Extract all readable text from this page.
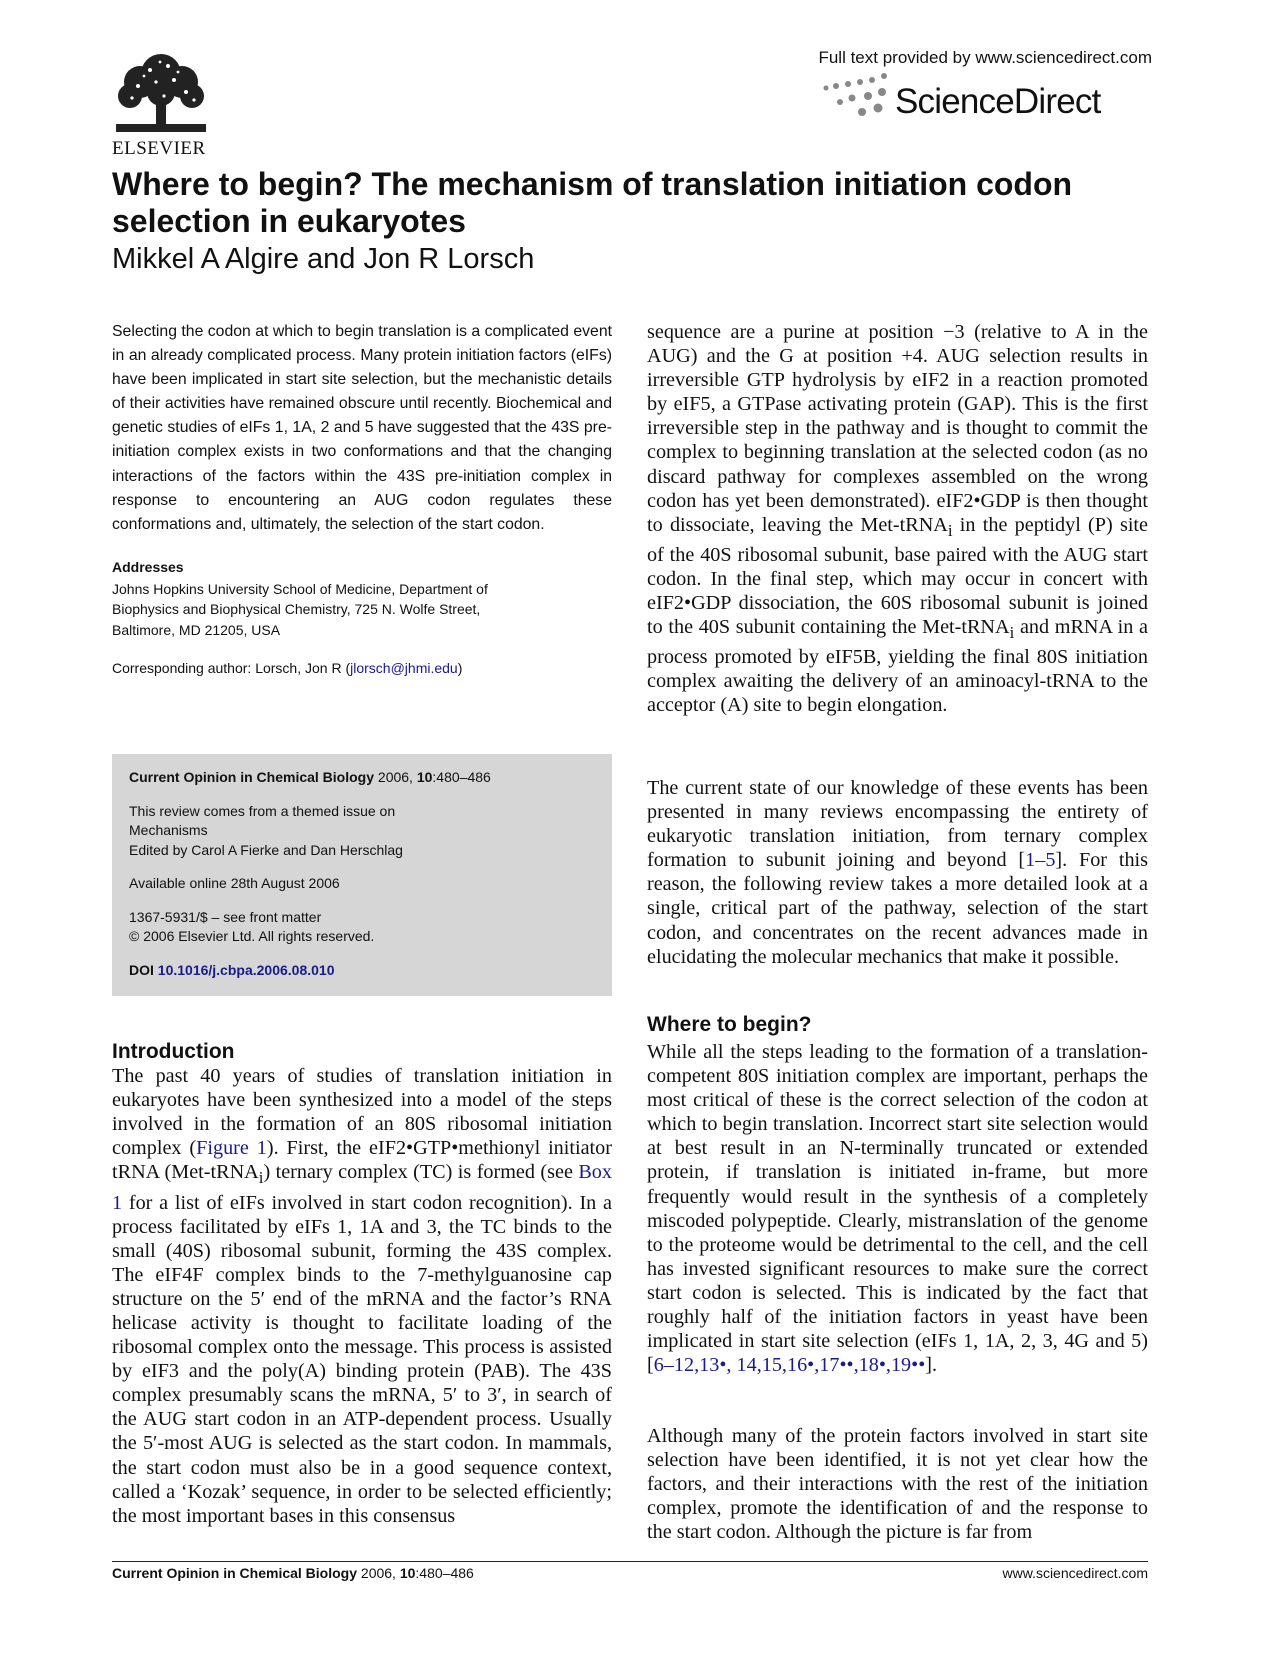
ELSEVIER
Full text provided by www.sciencedirect.com
ScienceDirect
Where to begin? The mechanism of translation initiation codon selection in eukaryotes
Mikkel A Algire and Jon R Lorsch

Selecting the codon at which to begin translation is a complicated event in an already complicated process. Many protein initiation factors (eIFs) have been implicated in start site selection, but the mechanistic details of their activities have remained obscure until recently. Biochemical and genetic studies of eIFs 1, 1A, 2 and 5 have suggested that the 43S pre-initiation complex exists in two conformations and that the changing interactions of the factors within the 43S pre-initiation complex in response to encountering an AUG codon regulates these conformations and, ultimately, the selection of the start codon.

Addresses

Johns Hopkins University School of Medicine, Department of

Biophysics and Biophysical Chemistry, 725 N. Wolfe Street,

Baltimore, MD 21205, USA

Corresponding author: Lorsch, Jon R (jlorsch@jhmi.edu)

Current Opinion in Chemical Biology 2006, 10:480–486

This review comes from a themed issue on
Mechanisms
Edited by Carol A Fierke and Dan Herschlag

Available online 28th August 2006

1367-5931/$ – see front matter
© 2006 Elsevier Ltd. All rights reserved.

DOI 10.1016/j.cbpa.2006.08.010

Introduction

The past 40 years of studies of translation initiation in eukaryotes have been synthesized into a model of the steps involved in the formation of an 80S ribosomal initiation complex (Figure 1). First, the eIF2•GTP•methionyl initiator tRNA (Met-tRNA$_i$) ternary complex (TC) is formed (see Box 1 for a list of eIFs involved in start codon recognition). In a process facilitated by eIFs 1, 1A and 3, the TC binds to the small (40S) ribosomal subunit, forming the 43S complex. The eIF4F complex binds to the 7-methylguanosine cap structure on the 5′ end of the mRNA and the factor’s RNA helicase activity is thought to facilitate loading of the ribosomal complex onto the message. This process is assisted by eIF3 and the poly(A) binding protein (PAB). The 43S complex presumably scans the mRNA, 5′ to 3′, in search of the AUG start codon in an ATP-dependent process. Usually the 5′-most AUG is selected as the start codon. In mammals, the start codon must also be in a good sequence context, called a ‘Kozak’ sequence, in order to be selected efficiently; the most important bases in this consensus

sequence are a purine at position −3 (relative to A in the AUG) and the G at position +4. AUG selection results in irreversible GTP hydrolysis by eIF2 in a reaction promoted by eIF5, a GTPase activating protein (GAP). This is the first irreversible step in the pathway and is thought to commit the complex to beginning translation at the selected codon (as no discard pathway for complexes assembled on the wrong codon has yet been demonstrated). eIF2•GDP is then thought to dissociate, leaving the Met-tRNA$_i$ in the peptidyl (P) site of the 40S ribosomal subunit, base paired with the AUG start codon. In the final step, which may occur in concert with eIF2•GDP dissociation, the 60S ribosomal subunit is joined to the 40S subunit containing the Met-tRNA$_i$ and mRNA in a process promoted by eIF5B, yielding the final 80S initiation complex awaiting the delivery of an aminoacyl-tRNA to the acceptor (A) site to begin elongation.

The current state of our knowledge of these events has been presented in many reviews encompassing the entirety of eukaryotic translation initiation, from ternary complex formation to subunit joining and beyond [1–5]. For this reason, the following review takes a more detailed look at a single, critical part of the pathway, selection of the start codon, and concentrates on the recent advances made in elucidating the molecular mechanics that make it possible.

Where to begin?

While all the steps leading to the formation of a translation-competent 80S initiation complex are important, perhaps the most critical of these is the correct selection of the codon at which to begin translation. Incorrect start site selection would at best result in an N-terminally truncated or extended protein, if translation is initiated in-frame, but more frequently would result in the synthesis of a completely miscoded polypeptide. Clearly, mistranslation of the genome to the proteome would be detrimental to the cell, and the cell has invested significant resources to make sure the correct start codon is selected. This is indicated by the fact that roughly half of the initiation factors in yeast have been implicated in start site selection (eIFs 1, 1A, 2, 3, 4G and 5) [6–12,13•, 14,15,16•,17••,18•,19••].

Although many of the protein factors involved in start site selection have been identified, it is not yet clear how the factors, and their interactions with the rest of the initiation complex, promote the identification of and the response to the start codon. Although the picture is far from

Current Opinion in Chemical Biology 2006, 10:480–486	www.sciencedirect.com
